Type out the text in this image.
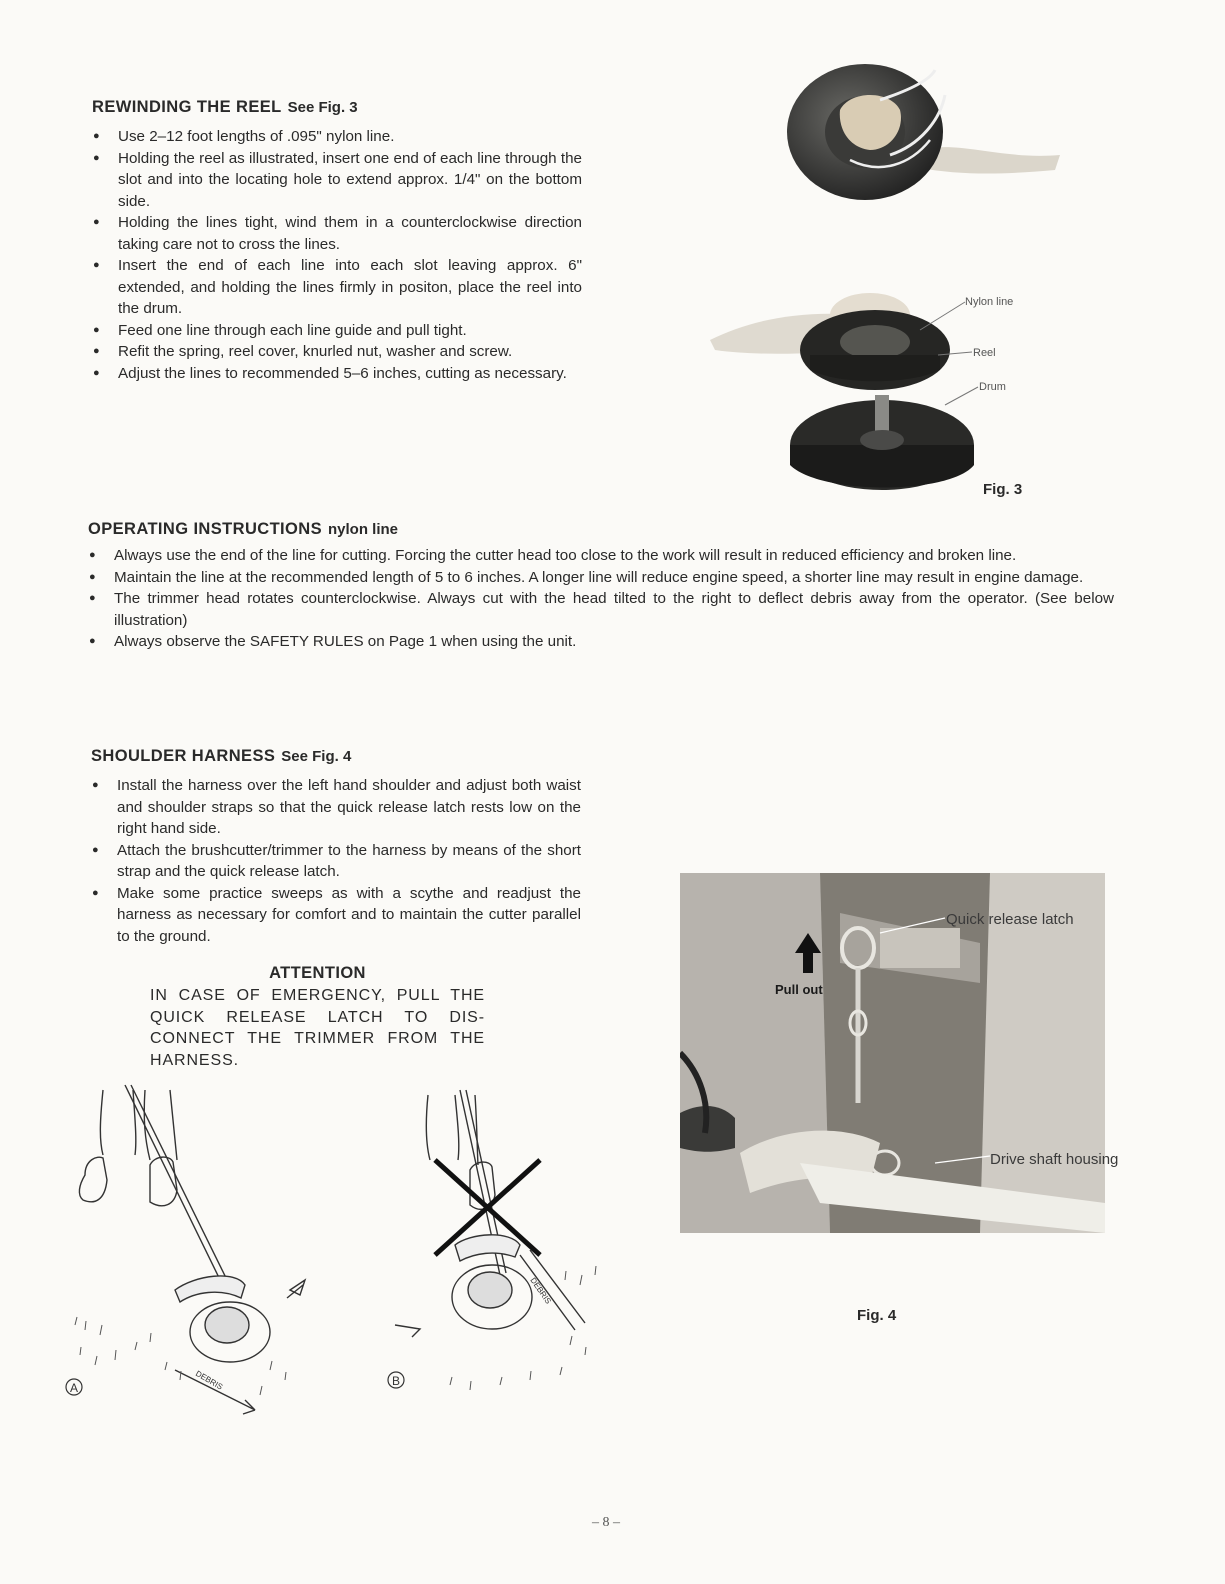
REWINDING THE REEL See Fig. 3
● Use 2–12 foot lengths of .095" nylon line.
● Holding the reel as illustrated, insert one end of each line through the slot and into the locating hole to extend approx. 1/4" on the bottom side.
● Holding the lines tight, wind them in a counterclockwise direction taking care not to cross the lines.
● Insert the end of each line into each slot leaving approx. 6" extended, and holding the lines firmly in positon, place the reel into the drum.
● Feed one line through each line guide and pull tight.
● Refit the spring, reel cover, knurled nut, washer and screw.
● Adjust the lines to recommended 5–6 inches, cutting as necessary.
Nylon line
Reel
Drum
Fig. 3
OPERATING INSTRUCTIONS nylon line
● Always use the end of the line for cutting. Forcing the cutter head too close to the work will result in reduced efficiency and broken line.
● Maintain the line at the recommended length of 5 to 6 inches. A longer line will reduce engine speed, a shorter line may result in engine damage.
● The trimmer head rotates counterclockwise. Always cut with the head tilted to the right to deflect debris away from the operator. (See below illustration)
● Always observe the SAFETY RULES on Page 1 when using the unit.
SHOULDER HARNESS See Fig. 4
● Install the harness over the left hand shoulder and adjust both waist and shoulder straps so that the quick release latch rests low on the right hand side.
● Attach the brushcutter/trimmer to the harness by means of the short strap and the quick release latch.
● Make some practice sweeps as with a scythe and readjust the harness as necessary for comfort and to maintain the cutter parallel to the ground.
ATTENTION
IN CASE OF EMERGENCY, PULL THE QUICK RELEASE LATCH TO DIS-CONNECT THE TRIMMER FROM THE HARNESS.
A	DEBRIS	B
DEBRIS
Quick release latch
Pull out
Drive shaft housing
Fig. 4
– 8 –
